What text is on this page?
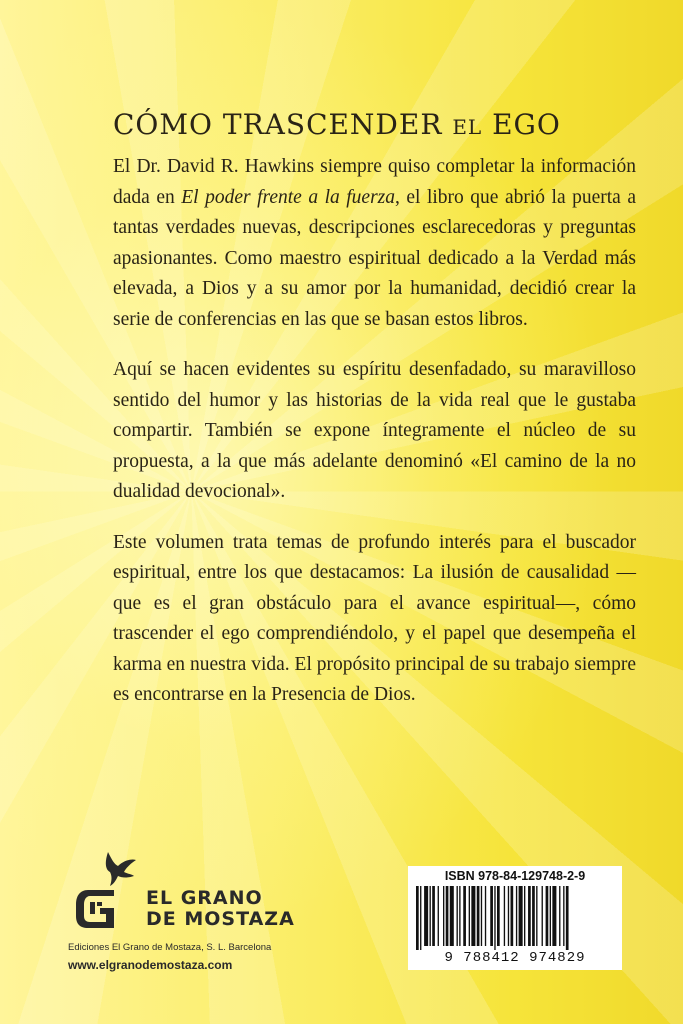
CÓMO TRASCENDER EL EGO

El Dr. David R. Hawkins siempre quiso completar la información dada en El poder frente a la fuerza, el libro que abrió la puerta a tantas verdades nuevas, descripciones esclarecedoras y preguntas apasionantes. Como maestro espiritual dedicado a la Verdad más elevada, a Dios y a su amor por la humanidad, decidió crear la serie de conferencias en las que se basan estos libros.

Aquí se hacen evidentes su espíritu desenfadado, su maravilloso sentido del humor y las historias de la vida real que le gustaba compartir. También se expone íntegramente el núcleo de su propuesta, a la que más adelante denominó «El camino de la no dualidad devocional».

Este volumen trata temas de profundo interés para el buscador espiritual, entre los que destacamos: La ilusión de causalidad —que es el gran obstáculo para el avance espiritual—, cómo trascender el ego comprendiéndolo, y el papel que desempeña el karma en nuestra vida. El propósito principal de su trabajo siempre es encontrarse en la Presencia de Dios.

EL GRANO
DE MOSTAZA
Ediciones El Grano de Mostaza, S. L. Barcelona
www.elgranodemostaza.com
ISBN 978-84-129748-2-9
9 788412 974829
